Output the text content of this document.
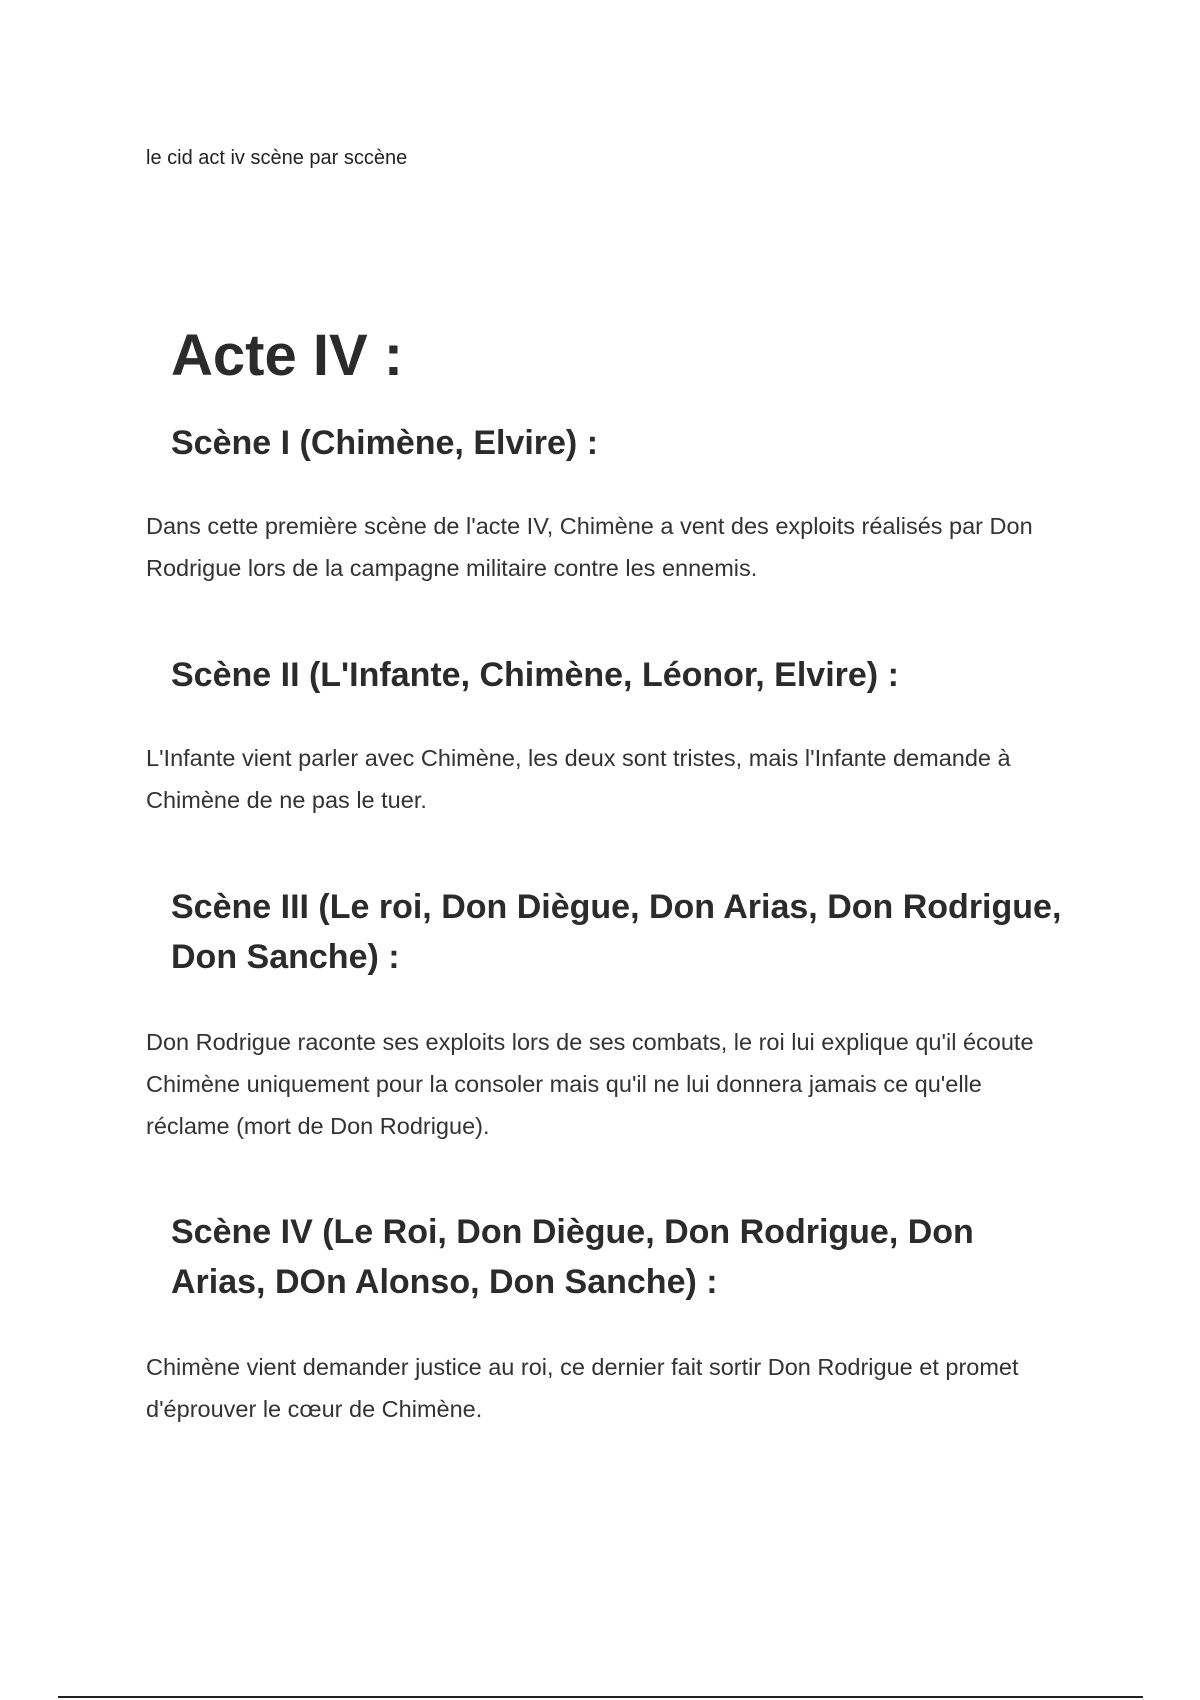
le cid act iv scène par sccène
Acte IV :
Scène I (Chimène, Elvire) :

Dans cette première scène de l'acte IV, Chimène a vent des exploits réalisés par Don Rodrigue lors de la campagne militaire contre les ennemis.

Scène II (L'Infante, Chimène, Léonor, Elvire) :

L'Infante vient parler avec Chimène, les deux sont tristes, mais l'Infante demande à Chimène de ne pas le tuer.

Scène III (Le roi, Don Diègue, Don Arias, Don Rodrigue, Don Sanche) :

Don Rodrigue raconte ses exploits lors de ses combats, le roi lui explique qu'il écoute Chimène uniquement pour la consoler mais qu'il ne lui donnera jamais ce qu'elle réclame (mort de Don Rodrigue).

Scène IV (Le Roi, Don Diègue, Don Rodrigue, Don Arias, DOn Alonso, Don Sanche) :

Chimène vient demander justice au roi, ce dernier fait sortir Don Rodrigue et promet d'éprouver le cœur de Chimène.
